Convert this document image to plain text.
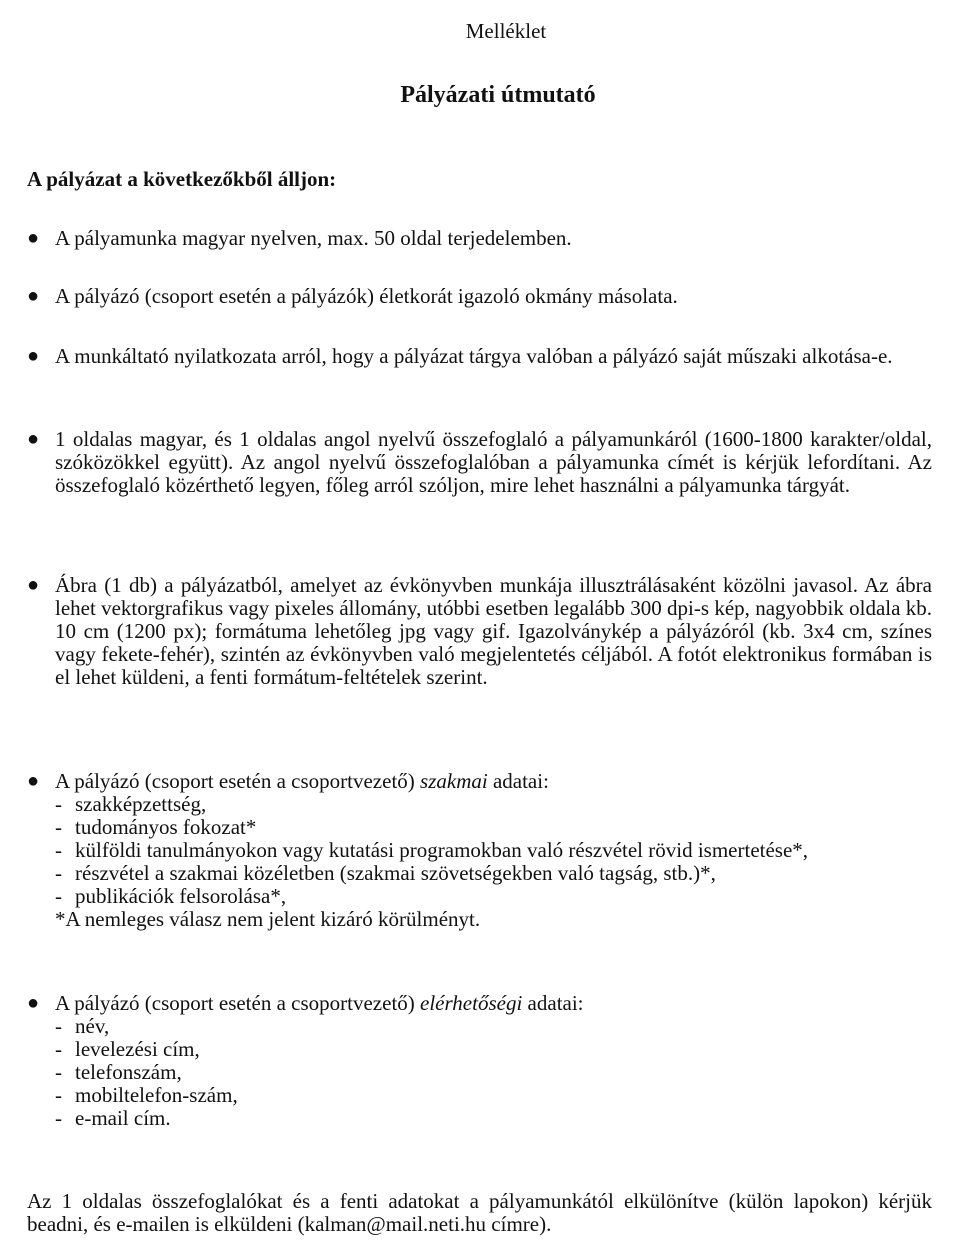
Melléklet
Pályázati útmutató
A pályázat a következőkből álljon:
● A pályamunka magyar nyelven, max. 50 oldal terjedelemben.
● A pályázó (csoport esetén a pályázók) életkorát igazoló okmány másolata.
● A munkáltató nyilatkozata arról, hogy a pályázat tárgya valóban a pályázó saját műszaki alkotása-e.
● 1 oldalas magyar, és 1 oldalas angol nyelvű összefoglaló a pályamunkáról (1600-1800 karakter/oldal, szóközökkel együtt). Az angol nyelvű összefoglalóban a pályamunka címét is kérjük lefordítani. Az összefoglaló közérthető legyen, főleg arról szóljon, mire lehet használni a pályamunka tárgyát.
● Ábra (1 db) a pályázatból, amelyet az évkönyvben munkája illusztrálásaként közölni javasol. Az ábra lehet vektorgrafikus vagy pixeles állomány, utóbbi esetben legalább 300 dpi-s kép, nagyobbik oldala kb. 10 cm (1200 px); formátuma lehetőleg jpg vagy gif. Igazolványkép a pályázóról (kb. 3x4 cm, színes vagy fekete-fehér), szintén az évkönyvben való megjelentetés céljából. A fotót elektronikus formában is el lehet küldeni, a fenti formátum-feltételek szerint.
● A pályázó (csoport esetén a csoportvezető) szakmai adatai:
- szakképzettség,
- tudományos fokozat*
- külföldi tanulmányokon vagy kutatási programokban való részvétel rövid ismertetése*,
- részvétel a szakmai közéletben (szakmai szövetségekben való tagság, stb.)*,
- publikációk felsorolása*,
*A nemleges válasz nem jelent kizáró körülményt.
● A pályázó (csoport esetén a csoportvezető) elérhetőségi adatai:
- név,
- levelezési cím,
- telefonszám,
- mobiltelefon-szám,
- e-mail cím.
Az 1 oldalas összefoglalókat és a fenti adatokat a pályamunkától elkülönítve (külön lapokon) kérjük beadni, és e-mailen is elküldeni (kalman@mail.neti.hu címre).
